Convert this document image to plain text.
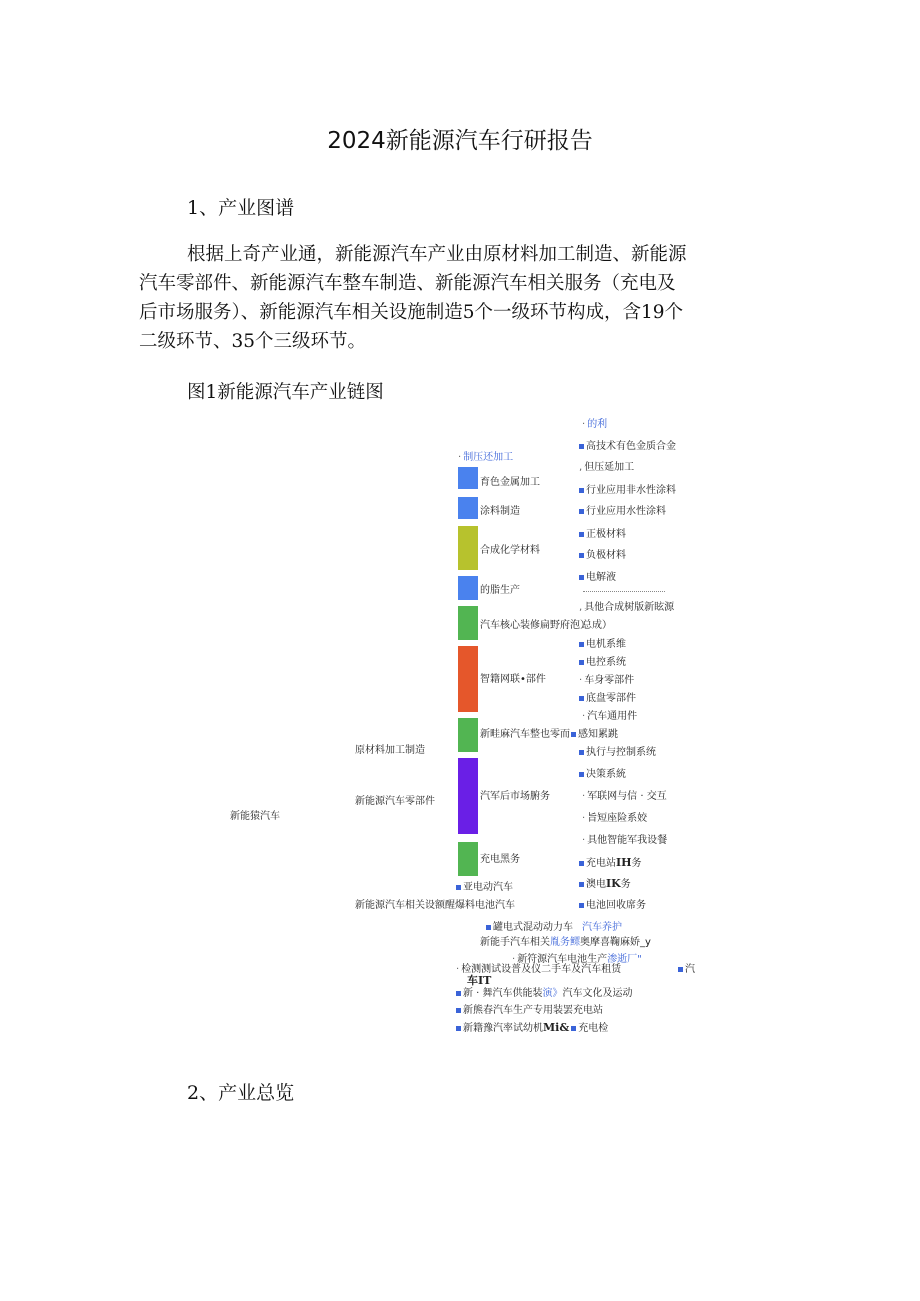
2024新能源汽车行研报告
1、产业图谱
根据上奇产业通，新能源汽车产业由原材料加工制造、新能源
汽车零部件、新能源汽车整车制造、新能源汽车相关服务（充电及
后市场服务）、新能源汽车相关设施制造5个一级环节构成，含19个
二级环节、35个三级环节。
图1新能源汽车产业链图
新能猿汽车
原材料加工制造
新能源汽车零部件
新能源汽车相关设额醒爆料电池汽车
· 制压还加工
育色金属加工
涂料制造
合成化学材料
的脂生产
汽车核心装修扁野府泡）
智籍网联•部件
新畦麻汽车整也零而
汽军后市场腑务
充电黑务
亚电动汽车
· 的利
高技术有色金质合金
, 但压延加工
行业应用非水性涂料
行业应用水性涂料
正极材料
负极材料
电解液
, 具他合成树版新眩源
总成）
电机系维
电控系统
· 车身零部件
底盘零部件
· 汽车通用件
感知累跳
执行与控制系统
决策系統
· 军联网与信 · 交互
· 旨短座险系姣
· 具他智能军我设餐
充电站IH务
澳电IK务
电池回收席务
罐电式混动动力车 汽车养护
新能手汽车相关胤务鳏奥摩喜鞠麻娇_y
· 新符源汽车电池生产渗逝厂"
· 检测测试设普及仪二手车及汽车租赁	汽
车IT
新 · 舞汽车供能装演》汽车文化及运动
新熊春汽车生产专用装罢充电站
新籍豫汽率试幼机Mi& 充电检
2、产业总览
